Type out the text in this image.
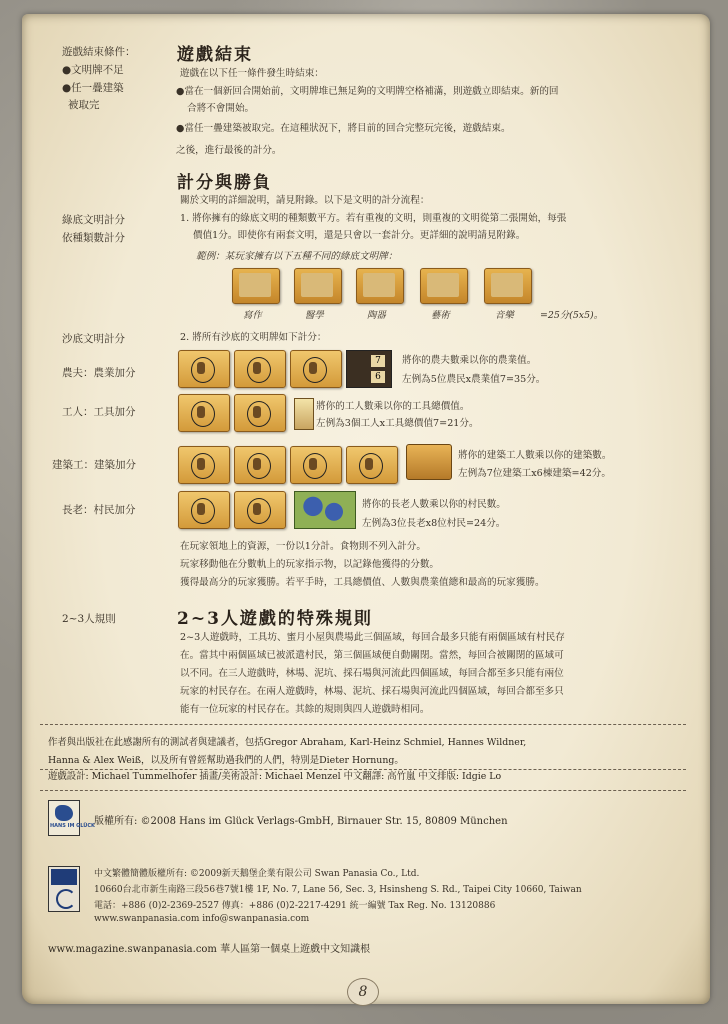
遊戲結束條件：
●文明牌不足
●任一疊建築
被取完
綠底文明計分
依種類數計分
沙底文明計分
農夫：農業加分
工人：工具加分
建築工：建築加分
長老：村民加分
2~3人規則
遊戲結束
遊戲在以下任一條件發生時結束：
●當在一個新回合開始前，文明牌堆已無足夠的文明牌空格補滿，則遊戲立即結束。新的回
合將不會開始。
●當任一疊建築被取完。在這種狀況下，將目前的回合完整玩完後，遊戲結束。
之後，進行最後的計分。
計分與勝負
關於文明的詳細說明，請見附錄。以下是文明的計分流程：
1. 將你擁有的綠底文明的種類數平方。若有重複的文明，則重複的文明從第二張開始，每張
價值1分。即使你有兩套文明，還是只會以一套計分。更詳細的說明請見附錄。
範例：某玩家擁有以下五種不同的綠底文明牌：
寫作	醫學	陶器	藝術	音樂	=25分(5x5)。
2. 將所有沙底的文明牌如下計分：
7
6
將你的農夫數乘以你的農業值。
左例為5位農民x農業值7=35分。
將你的工人數乘以你的工具總價值。
左例為3個工人x工具總價值7=21分。
將你的建築工人數乘以你的建築數。
左例為7位建築工x6棟建築=42分。
將你的長老人數乘以你的村民數。
左例為3位長老x8位村民=24分。
在玩家領地上的資源，一份以1分計。食物則不列入計分。
玩家移動他在分數軌上的玩家指示物，以記錄他獲得的分數。
獲得最高分的玩家獲勝。若平手時，工具總價值、人數與農業值總和最高的玩家獲勝。
2~3人遊戲的特殊規則
2~3人遊戲時，工具坊、蜜月小屋與農場此三個區域，每回合最多只能有兩個區域有村民存
在。當其中兩個區域已被派遣村民，第三個區域便自動關閉。當然，每回合被關閉的區域可
以不同。在三人遊戲時，林場、泥坑、採石場與河流此四個區域，每回合都至多只能有兩位
玩家的村民存在。在兩人遊戲時，林場、泥坑、採石場與河流此四個區域，每回合都至多只
能有一位玩家的村民存在。其餘的規則與四人遊戲時相同。
作者與出版社在此感謝所有的測試者與建議者，包括Gregor Abraham, Karl-Heinz Schmiel, Hannes Wildner,
Hanna & Alex Weiß，以及所有曾經幫助過我們的人們，特別是Dieter Hornung。
遊戲設計: Michael Tummelhofer 插畫/美術設計: Michael Menzel 中文翻譯: 高竹嵐 中文排版: Idgie Lo
HANS IM GLÜCK 版權所有: ©2008 Hans im Glück Verlags-GmbH, Birnauer Str. 15, 80809 München
中文繁體簡體版權所有: ©2009新天鵝堡企業有限公司 Swan Panasia Co., Ltd.
10660台北市新生南路三段56巷7號1樓 1F, No. 7, Lane 56, Sec. 3, Hsinsheng S. Rd., Taipei City 10660, Taiwan
電話：+886 (0)2-2369-2527 傳真：+886 (0)2-2217-4291 統一編號 Tax Reg. No. 13120886
www.swanpanasia.com info@swanpanasia.com
www.magazine.swanpanasia.com 華人區第一個桌上遊戲中文知識根
8
